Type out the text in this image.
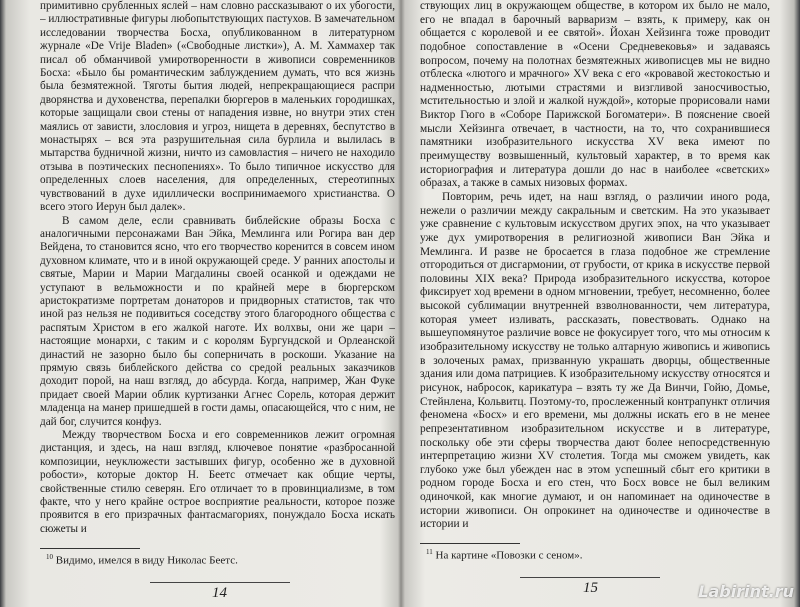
примитивно срубленных яслей – нам словно рассказывают о их убогости, – иллюстративные фигуры любопытствующих пастухов. В замечательном исследовании творчества Босха, опубликованном в литературном журнале «De Vrije Bladen» («Свободные листки»), А. М. Хаммахер так писал об обманчивой умиротворенности в живописи современников Босха: «Было бы романтическим заблуждением думать, что вся жизнь была безмятежной. Тяготы бытия людей, непрекращающиеся распри дворянства и духовенства, перепалки бюргеров в маленьких городишках, которые защищали свои стены от нападения извне, но внутри этих стен маялись от зависти, злословия и угроз, нищета в деревнях, беспутство в монастырях – вся эта разрушительная сила бурлила и вылилась в мытарства будничной жизни, ничто из самовластия – ничего не находило отзыва в поэтических песнопениях». То было типичное искусство для определенных слоев населения, для определенных, стереотипных чувствований в духе идиллически воспринимаемого христианства. О всего этого Иерун был далек».

В самом деле, если сравнивать библейские образы Босха с аналогичными персонажами Ван Эйка, Мемлинга или Рогира ван дер Вейдена, то становится ясно, что его творчество коренится в совсем ином духовном климате, что и в иной окружающей среде. У ранних апостолы и святые, Марии и Марии Магдалины своей осанкой и одеждами не уступают в вельможности и по крайней мере в бюргерском аристократизме портретам донаторов и придворных статистов, так что иной раз нельзя не подивиться соседству этого благородного общества с распятым Христом в его жалкой наготе. Их волхвы, они же цари – настоящие монархи, с таким и с королям Бургундской и Орлеанской династий не зазорно было бы соперничать в роскоши. Указание на прямую связь библейского действа со средой реальных заказчиков доходит порой, на наш взгляд, до абсурда. Когда, например, Жан Фуке придает своей Марии облик куртизанки Агнес Сорель, которая держит младенца на манер пришедшей в гости дамы, опасающейся, что с ним, не дай бог, случится конфуз.

Между творчеством Босха и его современников лежит огромная дистанция, и здесь, на наш взгляд, ключевое понятие «разбросанной композиции, неуклюжести застывших фигур, особенно же в духовной робости», которые доктор Н. Беетс отмечает как общие черты, свойственные стилю северян. Его отличает то в провинциализме, в том факте, что у него крайне острое восприятие реальности, которое позже проявится в его призрачных фантасмагориях, понуждало Босха искать сюжеты и

$^{10}$ Видимо, имелся в виду Николас Беетс.
14

ствующих лиц в окружающем обществе, в котором их было не мало, его не впадал в барочный варваризм – взять, к примеру, как он общается с королевой и ее святой». Йохан Хейзинга тоже проводит подобное сопоставление в «Осени Средневековья» и задаваясь вопросом, почему на полотнах безмятежных живописцев мы не видно отблеска «лютого и мрачного» XV века с его «кровавой жестокостью и надменностью, лютыми страстями и визгливой заносчивостью, мстительностью и злой и жалкой нуждой», которые прорисовали нами Виктор Гюго в «Соборе Парижской Богоматери». В пояснение своей мысли Хейзинга отвечает, в частности, на то, что сохранившиеся памятники изобразительного искусства XV века имеют по преимуществу возвышенный, культовый характер, в то время как историография и литература дошли до нас в наиболее «светских» образах, а также в самых низовых формах.

Повторим, речь идет, на наш взгляд, о различии иного рода, нежели о различии между сакральным и светским. На это указывает уже сравнение с культовым искусством других эпох, на что указывает уже дух умиротворения в религиозной живописи Ван Эйка и Мемлинга. И разве не бросается в глаза подобное же стремление отгородиться от дисгармонии, от грубости, от крика в искусстве первой половины XIX века? Природа изобразительного искусства, которое фиксирует ход времени в одном мгновении, требует, несомненно, более высокой сублимации внутренней взволнованности, чем литература, которая умеет изливать, рассказать, повествовать. Однако на вышеупомянутое различие вовсе не фокусирует того, что мы относим к изобразительному искусству не только алтарную живопись и живопись в золоченых рамах, призванную украшать дворцы, общественные здания или дома патрициев. К изобразительному искусству относятся и рисунок, набросок, карикатура – взять ту же Да Винчи, Гойю, Домье, Стейнлена, Кольвитц. Поэтому-то, прослеженный контрапункт отличия феномена «Босх» и его времени, мы должны искать его в не менее репрезентативном изобразительном искусстве и в литературе, поскольку обе эти сферы творчества дают более непосредственную интерпретацию жизни XV столетия. Тогда мы сможем увидеть, как глубоко уже был убежден нас в этом успешный сбыт его критики в родном городе Босха и его стен, что Босх вовсе не был великим одиночкой, как многие думают, и он напоминает на одиночестве в истории живописи. Он опрокинет на одиночестве и одиночестве в истории и

$^{11}$ На картине «Повозки с сеном».
15	Labirint.ru
